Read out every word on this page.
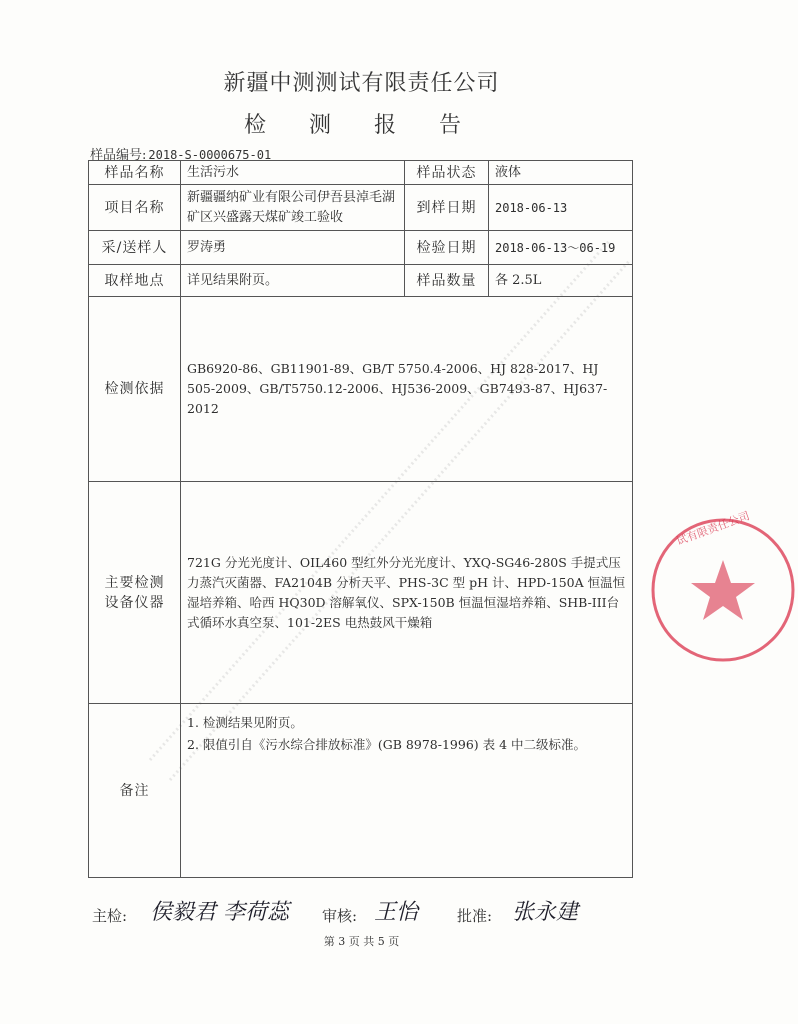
新疆中测测试有限责任公司
检 测 报 告
样品编号: 2018-S-0000675-01
样品名称	生活污水	样品状态	液体
项目名称	新疆疆纳矿业有限公司伊吾县淖毛湖矿区兴盛露天煤矿竣工验收	到样日期	2018-06-13
采/送样人	罗涛勇	检验日期	2018-06-13～06-19
取样地点	详见结果附页。	样品数量	各 2.5L
检测依据	GB6920-86、GB11901-89、GB/T 5750.4-2006、HJ 828-2017、HJ 505-2009、GB/T5750.12-2006、HJ536-2009、GB7493-87、HJ637-2012		

主要检测
设备仪器	721G 分光光度计、OIL460 型红外分光光度计、YXQ-SG46-280S 手提式压力蒸汽灭菌器、FA2104B 分析天平、PHS-3C 型 pH 计、HPD-150A 恒温恒湿培养箱、哈西 HQ30D 溶解氧仪、SPX-150B 恒温恒湿培养箱、SHB-III台式循环水真空泵、101-2ES 电热鼓风干燥箱		
备注	1. 检测结果见附页。
2. 限值引自《污水综合排放标准》(GB 8978-1996) 表 4 中二级标准。		
试有限责任公司
主检: 侯毅君 李荷蕊 审核: 王怡	批准: 张永建
第 3 页 共 5 页
